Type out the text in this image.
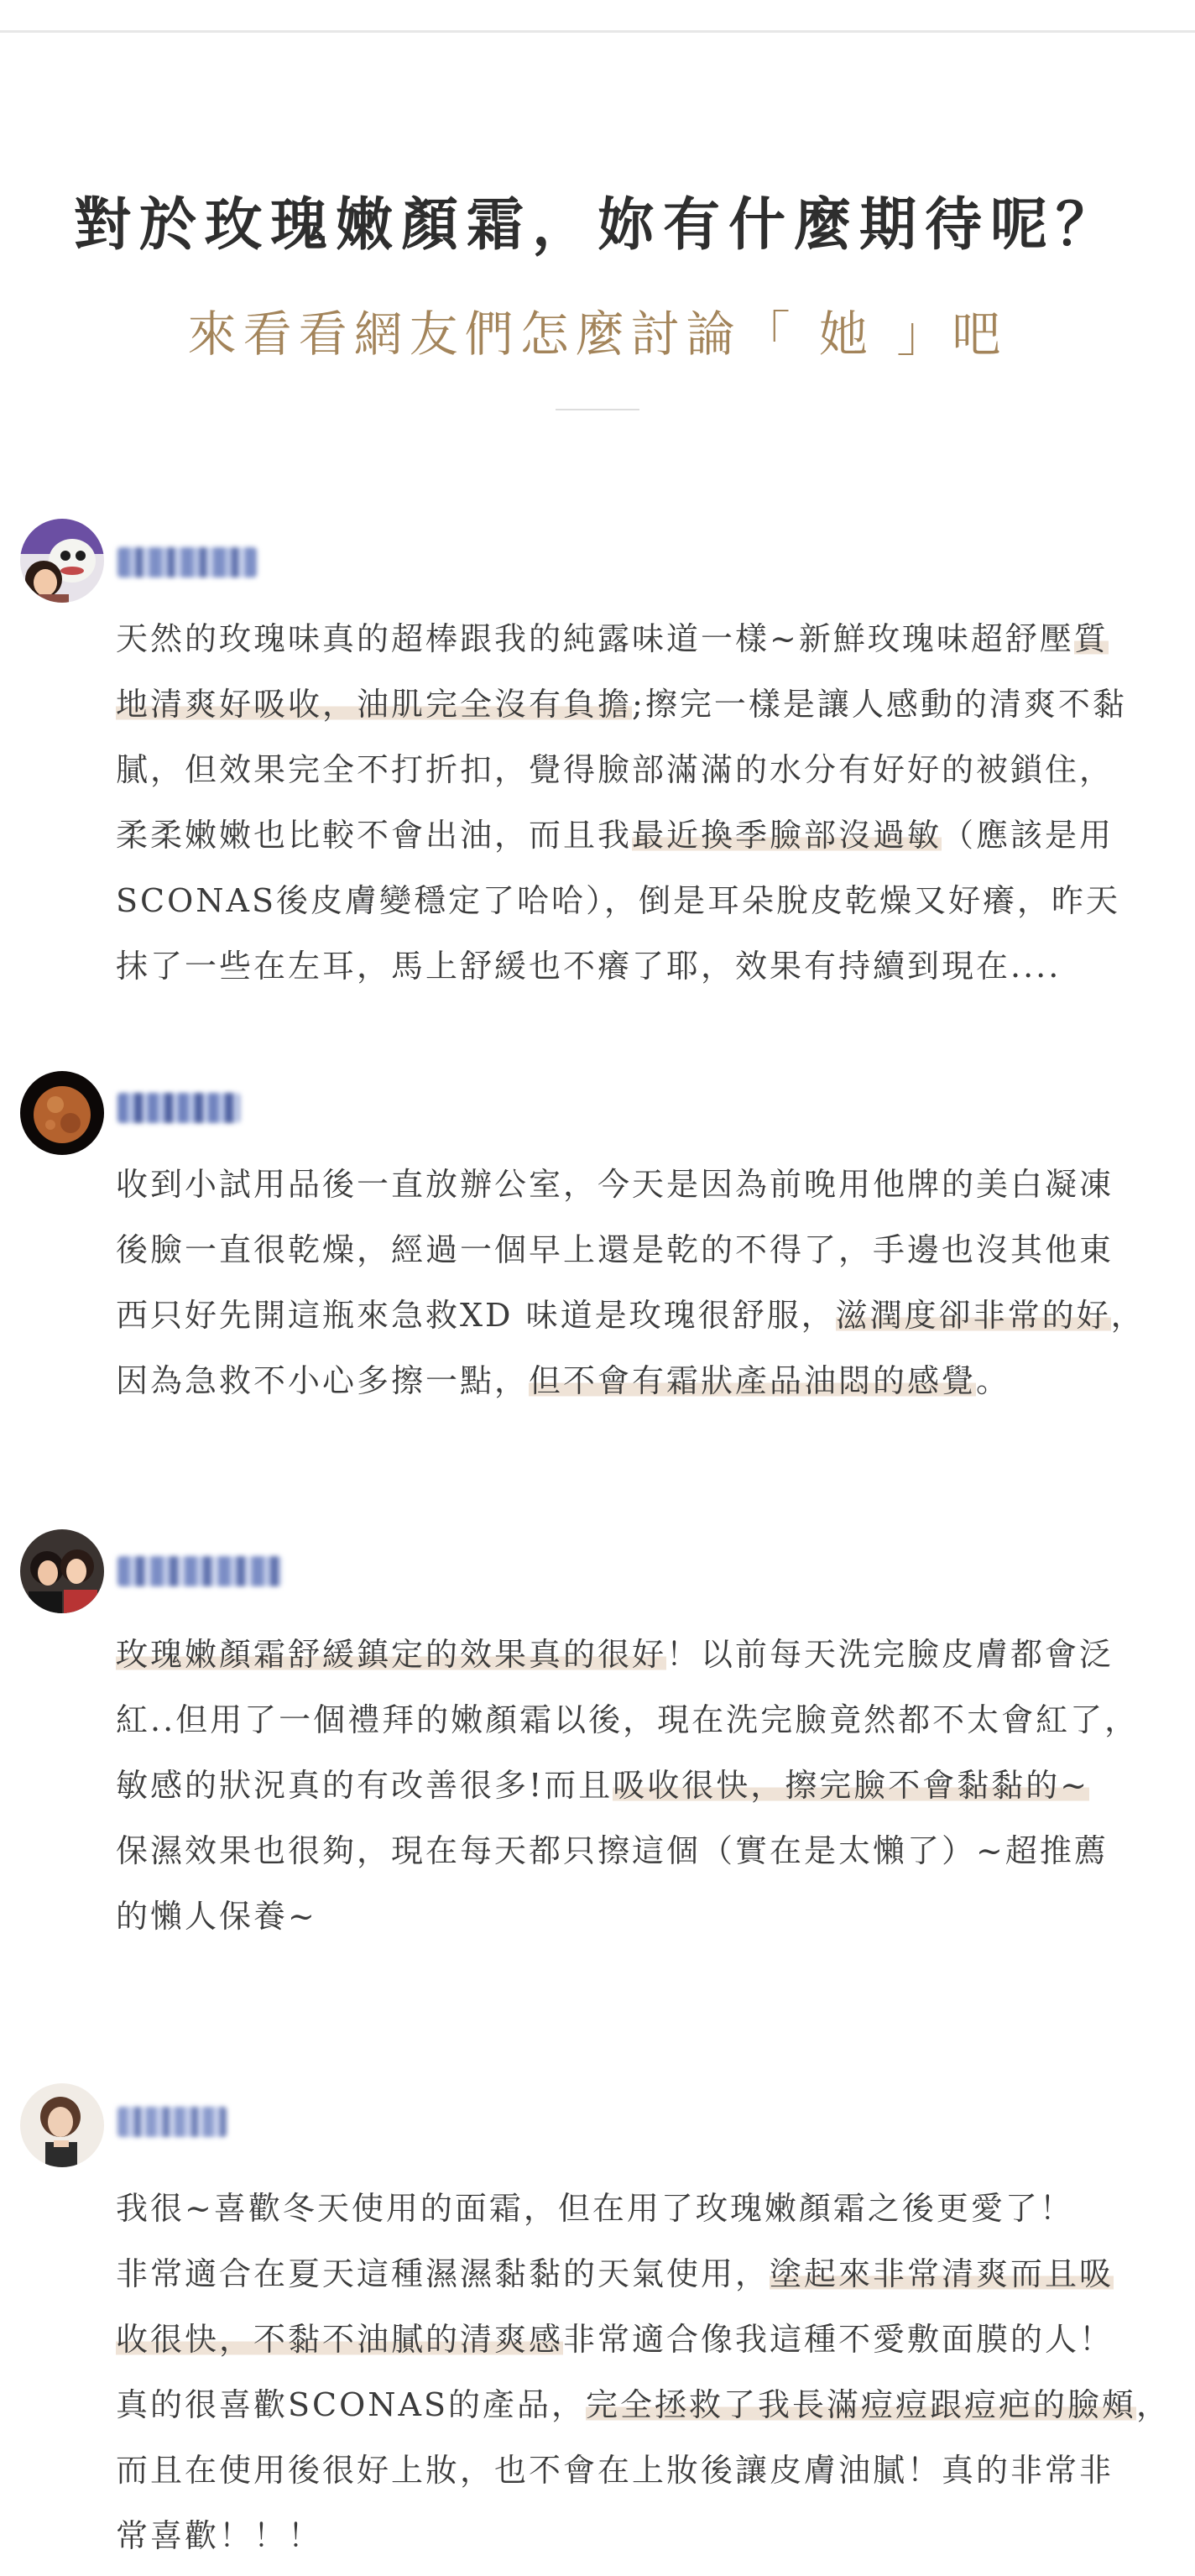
對於玫瑰嫩顏霜，妳有什麼期待呢？
來看看網友們怎麼討論「 她 」吧
天然的玫瑰味真的超棒跟我的純露味道一樣~新鮮玫瑰味超舒壓質
地清爽好吸收，油肌完全沒有負擔;擦完一樣是讓人感動的清爽不黏
膩，但效果完全不打折扣，覺得臉部滿滿的水分有好好的被鎖住，
柔柔嫩嫩也比較不會出油，而且我最近換季臉部沒過敏（應該是用
SCONAS後皮膚變穩定了哈哈），倒是耳朵脫皮乾燥又好癢，昨天
抹了一些在左耳，馬上舒緩也不癢了耶，效果有持續到現在....
收到小試用品後一直放辦公室，今天是因為前晚用他牌的美白凝凍
後臉一直很乾燥，經過一個早上還是乾的不得了，手邊也沒其他東
西只好先開這瓶來急救XD 味道是玫瑰很舒服，滋潤度卻非常的好，
因為急救不小心多擦一點，但不會有霜狀產品油悶的感覺。
玫瑰嫩顏霜舒緩鎮定的效果真的很好！以前每天洗完臉皮膚都會泛
紅..但用了一個禮拜的嫩顏霜以後，現在洗完臉竟然都不太會紅了，
敏感的狀況真的有改善很多!而且吸收很快，擦完臉不會黏黏的~
保濕效果也很夠，現在每天都只擦這個（實在是太懶了）~超推薦
的懶人保養~
我很~喜歡冬天使用的面霜，但在用了玫瑰嫩顏霜之後更愛了！
非常適合在夏天這種濕濕黏黏的天氣使用，塗起來非常清爽而且吸
收很快，不黏不油膩的清爽感非常適合像我這種不愛敷面膜的人！
真的很喜歡SCONAS的產品，完全拯救了我長滿痘痘跟痘疤的臉頰，
而且在使用後很好上妝，也不會在上妝後讓皮膚油膩！真的非常非
常喜歡！！！
